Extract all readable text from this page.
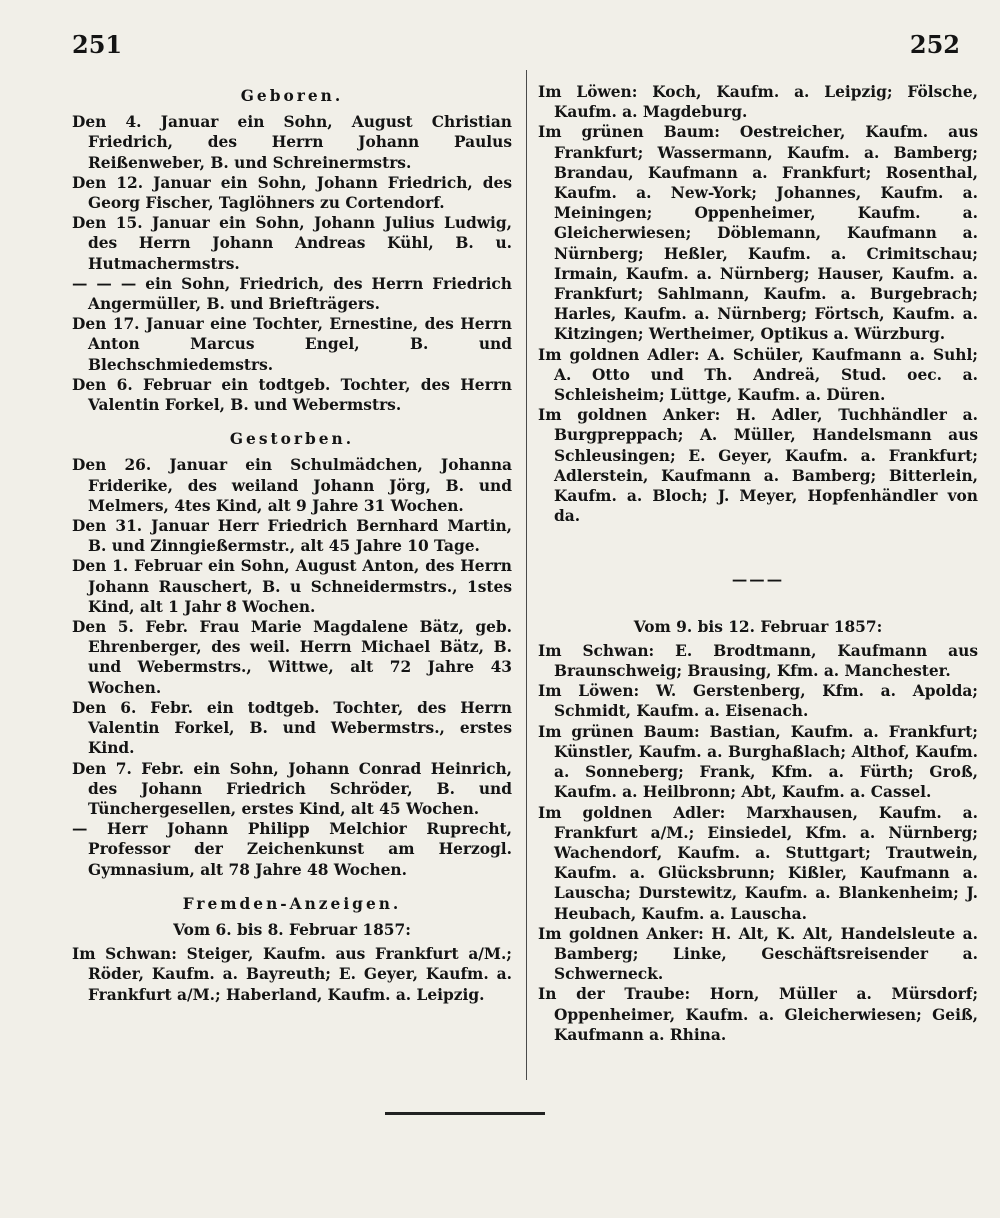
251	252
Geboren.

Den 4. Januar ein Sohn, August Christian Friedrich, des Herrn Johann Paulus Reißenweber, B. und Schreinermstrs.

Den 12. Januar ein Sohn, Johann Friedrich, des Georg Fischer, Taglöhners zu Cortendorf.

Den 15. Januar ein Sohn, Johann Julius Ludwig, des Herrn Johann Andreas Kühl, B. u. Hutmachermstrs.

— — — ein Sohn, Friedrich, des Herrn Friedrich Angermüller, B. und Briefträgers.

Den 17. Januar eine Tochter, Ernestine, des Herrn Anton Marcus Engel, B. und Blechschmiedemstrs.

Den 6. Februar ein todtgeb. Tochter, des Herrn Valentin Forkel, B. und Webermstrs.

Gestorben.

Den 26. Januar ein Schulmädchen, Johanna Friderike, des weiland Johann Jörg, B. und Melmers, 4tes Kind, alt 9 Jahre 31 Wochen.

Den 31. Januar Herr Friedrich Bernhard Martin, B. und Zinngießermstr., alt 45 Jahre 10 Tage.

Den 1. Februar ein Sohn, August Anton, des Herrn Johann Rauschert, B. u Schneidermstrs., 1stes Kind, alt 1 Jahr 8 Wochen.

Den 5. Febr. Frau Marie Magdalene Bätz, geb. Ehrenberger, des weil. Herrn Michael Bätz, B. und Webermstrs., Wittwe, alt 72 Jahre 43 Wochen.

Den 6. Febr. ein todtgeb. Tochter, des Herrn Valentin Forkel, B. und Webermstrs., erstes Kind.

Den 7. Febr. ein Sohn, Johann Conrad Heinrich, des Johann Friedrich Schröder, B. und Tünchergesellen, erstes Kind, alt 45 Wochen.

— Herr Johann Philipp Melchior Ruprecht, Professor der Zeichenkunst am Herzogl. Gymnasium, alt 78 Jahre 48 Wochen.

Fremden-Anzeigen.
Vom 6. bis 8. Februar 1857:

Im Schwan: Steiger, Kaufm. aus Frankfurt a/M.; Röder, Kaufm. a. Bayreuth; E. Geyer, Kaufm. a. Frankfurt a/M.; Haberland, Kaufm. a. Leipzig.

Im Löwen: Koch, Kaufm. a. Leipzig; Fölsche, Kaufm. a. Magdeburg.

Im grünen Baum: Oestreicher, Kaufm. aus Frankfurt; Wassermann, Kaufm. a. Bamberg; Brandau, Kaufmann a. Frankfurt; Rosenthal, Kaufm. a. New-York; Johannes, Kaufm. a. Meiningen; Oppenheimer, Kaufm. a. Gleicherwiesen; Döblemann, Kaufmann a. Nürnberg; Heßler, Kaufm. a. Crimitschau; Irmain, Kaufm. a. Nürnberg; Hauser, Kaufm. a. Frankfurt; Sahlmann, Kaufm. a. Burgebrach; Harles, Kaufm. a. Nürnberg; Förtsch, Kaufm. a. Kitzingen; Wertheimer, Optikus a. Würzburg.

Im goldnen Adler: A. Schüler, Kaufmann a. Suhl; A. Otto und Th. Andreä, Stud. oec. a. Schleisheim; Lüttge, Kaufm. a. Düren.

Im goldnen Anker: H. Adler, Tuchhändler a. Burgpreppach; A. Müller, Handelsmann aus Schleusingen; E. Geyer, Kaufm. a. Frankfurt; Adlerstein, Kaufmann a. Bamberg; Bitterlein, Kaufm. a. Bloch; J. Meyer, Hopfenhändler von da.

———
Vom 9. bis 12. Februar 1857:

Im Schwan: E. Brodtmann, Kaufmann aus Braunschweig; Brausing, Kfm. a. Manchester.

Im Löwen: W. Gerstenberg, Kfm. a. Apolda; Schmidt, Kaufm. a. Eisenach.

Im grünen Baum: Bastian, Kaufm. a. Frankfurt; Künstler, Kaufm. a. Burghaßlach; Althof, Kaufm. a. Sonneberg; Frank, Kfm. a. Fürth; Groß, Kaufm. a. Heilbronn; Abt, Kaufm. a. Cassel.

Im goldnen Adler: Marxhausen, Kaufm. a. Frankfurt a/M.; Einsiedel, Kfm. a. Nürnberg; Wachendorf, Kaufm. a. Stuttgart; Trautwein, Kaufm. a. Glücksbrunn; Kißler, Kaufmann a. Lauscha; Durstewitz, Kaufm. a. Blankenheim; J. Heubach, Kaufm. a. Lauscha.

Im goldnen Anker: H. Alt, K. Alt, Handelsleute a. Bamberg; Linke, Geschäftsreisender a. Schwerneck.

In der Traube: Horn, Müller a. Mürsdorf; Oppenheimer, Kaufm. a. Gleicherwiesen; Geiß, Kaufmann a. Rhina.
